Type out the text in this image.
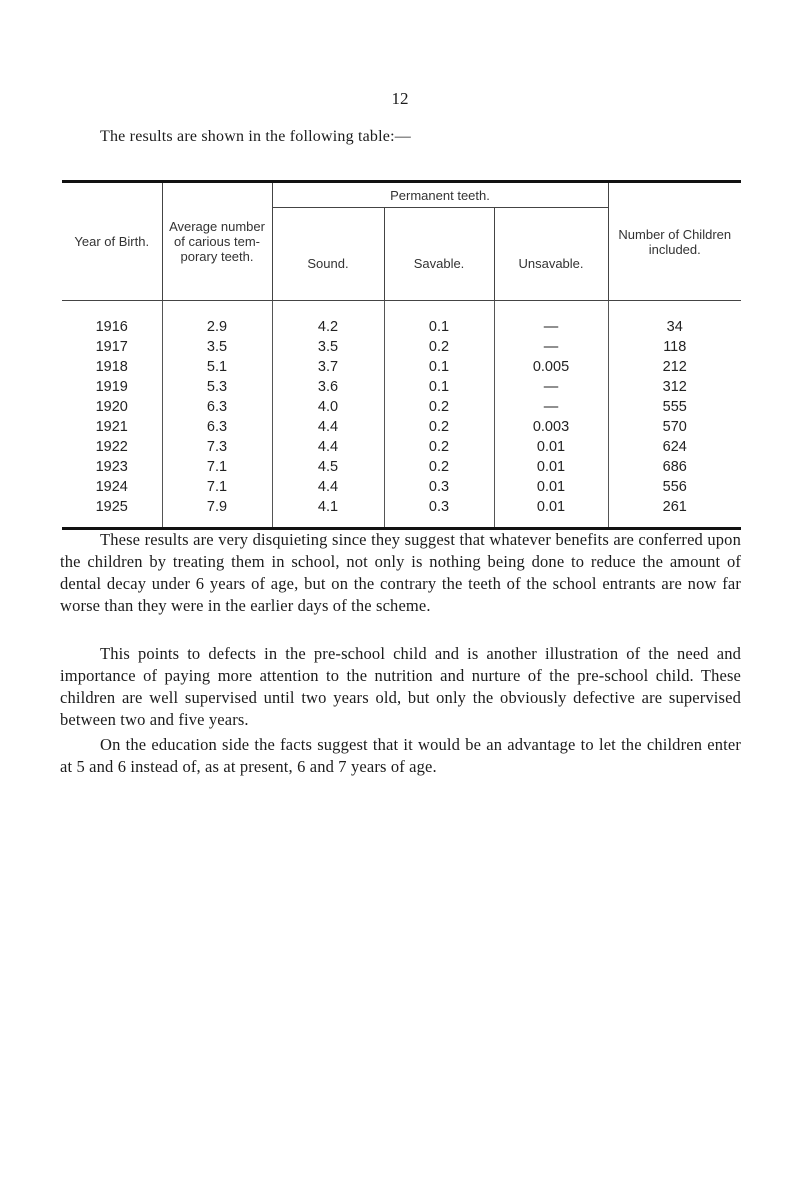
12
The results are shown in the following table:—
Year of Birth.	Average number of carious tem- porary teeth.	Permanent teeth.			Number of Children included.
		Sound.	Savable.	Unsavable.	

1916	2.9	4.2	0.1	—	34
1917	3.5	3.5	0.2	—	118
1918	5.1	3.7	0.1	0.005	212
1919	5.3	3.6	0.1	—	312
1920	6.3	4.0	0.2	—	555
1921	6.3	4.4	0.2	0.003	570
1922	7.3	4.4	0.2	0.01	624
1923	7.1	4.5	0.2	0.01	686
1924	7.1	4.4	0.3	0.01	556
1925	7.9	4.1	0.3	0.01	261

These results are very disquieting since they suggest that whatever benefits are conferred upon the children by treating them in school, not only is nothing being done to reduce the amount of dental decay under 6 years of age, but on the contrary the teeth of the school entrants are now far worse than they were in the earlier days of the scheme.

This points to defects in the pre-school child and is another illustration of the need and importance of paying more attention to the nutrition and nurture of the pre-school child. These children are well supervised until two years old, but only the obviously defective are supervised between two and five years.

On the education side the facts suggest that it would be an advantage to let the children enter at 5 and 6 instead of, as at present, 6 and 7 years of age.
